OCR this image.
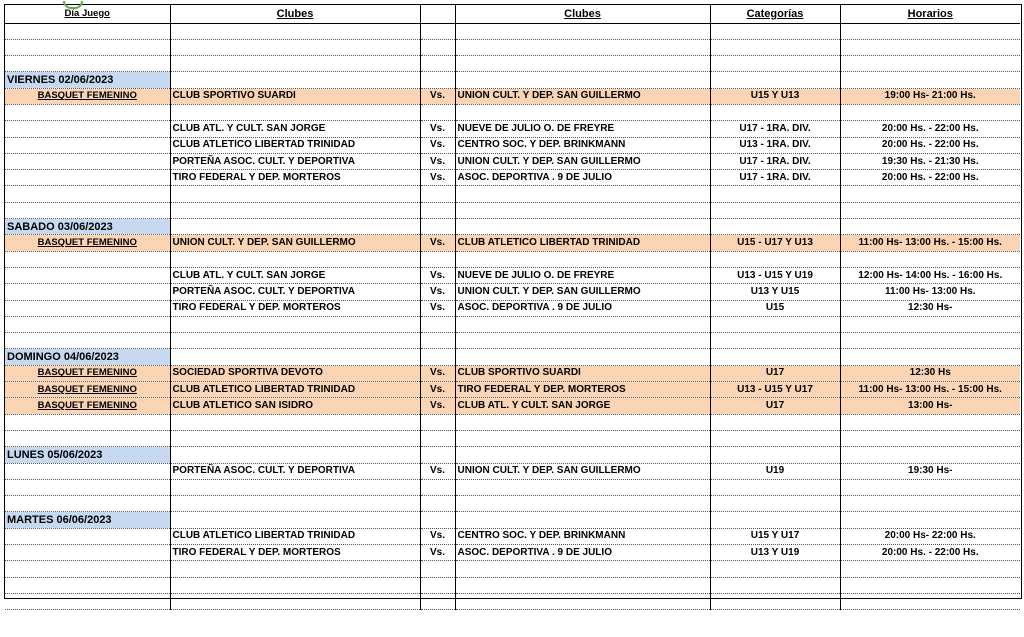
Día Juego	Clubes		Clubes	Categorías	Horarios

VIERNES 02/06/2023					
BASQUET FEMENINO	CLUB SPORTIVO SUARDI	Vs.	UNION CULT. Y DEP. SAN GUILLERMO	U15 Y U13	19:00 Hs- 21:00 Hs.

	CLUB ATL. Y CULT. SAN JORGE	Vs.	NUEVE DE JULIO O. DE FREYRE	U17 - 1RA. DIV.	20:00 Hs. - 22:00 Hs.
	CLUB ATLETICO LIBERTAD TRINIDAD	Vs.	CENTRO SOC. Y DEP. BRINKMANN	U13 - 1RA. DIV.	20:00 Hs. - 22:00 Hs.
	PORTEÑA ASOC. CULT. Y DEPORTIVA	Vs.	UNION CULT. Y DEP. SAN GUILLERMO	U17 - 1RA. DIV.	19:30 Hs. - 21:30 Hs.
	TIRO FEDERAL Y DEP. MORTEROS	Vs.	ASOC. DEPORTIVA . 9 DE JULIO	U17 - 1RA. DIV.	20:00 Hs. - 22:00 Hs.

SABADO 03/06/2023					
BASQUET FEMENINO	UNION CULT. Y DEP. SAN GUILLERMO	Vs.	CLUB ATLETICO LIBERTAD TRINIDAD	U15 - U17 Y U13	11:00 Hs- 13:00 Hs. - 15:00 Hs.

	CLUB ATL. Y CULT. SAN JORGE	Vs.	NUEVE DE JULIO O. DE FREYRE	U13 - U15 Y U19	12:00 Hs- 14:00 Hs. - 16:00 Hs.
	PORTEÑA ASOC. CULT. Y DEPORTIVA	Vs.	UNION CULT. Y DEP. SAN GUILLERMO	U13 Y U15	11:00 Hs- 13:00 Hs.
	TIRO FEDERAL Y DEP. MORTEROS	Vs.	ASOC. DEPORTIVA . 9 DE JULIO	U15	12:30 Hs-

DOMINGO 04/06/2023					
BASQUET FEMENINO	SOCIEDAD SPORTIVA DEVOTO	Vs.	CLUB SPORTIVO SUARDI	U17	12:30 Hs
BASQUET FEMENINO	CLUB ATLETICO LIBERTAD TRINIDAD	Vs.	TIRO FEDERAL Y DEP. MORTEROS	U13 - U15 Y U17	11:00 Hs- 13:00 Hs. - 15:00 Hs.
BASQUET FEMENINO	CLUB ATLETICO SAN ISIDRO	Vs.	CLUB ATL. Y CULT. SAN JORGE	U17	13:00 Hs-

LUNES 05/06/2023					
	PORTEÑA ASOC. CULT. Y DEPORTIVA	Vs.	UNION CULT. Y DEP. SAN GUILLERMO	U19	19:30 Hs-

MARTES 06/06/2023					
	CLUB ATLETICO LIBERTAD TRINIDAD	Vs.	CENTRO SOC. Y DEP. BRINKMANN	U15 Y U17	20:00 Hs- 22:00 Hs.
	TIRO FEDERAL Y DEP. MORTEROS	Vs.	ASOC. DEPORTIVA . 9 DE JULIO	U13 Y U19	20:00 Hs. - 22:00 Hs.
